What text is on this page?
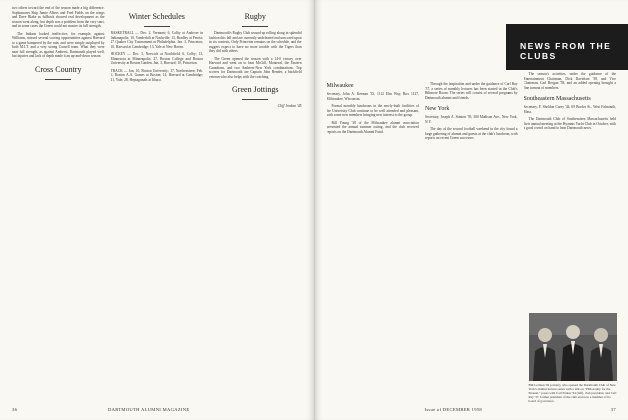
two others toward the end of the season made a big difference. Sophomores Skip Jamie Albers and Fred Fields on the wings and Dave Blake as fullback showed real development as the season went along, but depth was a problem from the very start, and in some cases the Green could not muster its full strength.

The Indians looked ineffective, for example, against Williams, missed several scoring opportunities against Harvard to a game hampered by the rain, and were simply outplayed by both M.I.T. and a very strong Cornell team. What they were near full strength, as against Amherst, Dartmouth played well, but injuries and lack of depth made it an up-and-down season.

Cross Country
Winter Schedules

BASKETBALL — Dec. 2, Vermont; 6, Colby at Andover in Indianapolis; 10, Vanderbilt at Nashville; 13, Bradley at Peoria; 27 Quaker City Tournament at Philadelphia. Jan. 3, Princeton; 10, Harvard at Cambridge; 13, Yale at New Haven.

HOCKEY — Dec. 3, Norwich at Northfield; 6, Colby; 13, Minnesota at Minneapolis; 27, Boston College and Boston University at Boston Garden. Jan. 3, Harvard; 10, Princeton.

TRACK — Jan. 10, Boston University; 17, Northeastern; Feb. 6, Boston A.A. Games at Boston; 14, Harvard at Cambridge; 21, Yale; 28, Heptagonals at Ithaca.

Rugby

Dartmouth's Rugby Club wound up rolling along in splendid fashion this fall and are currently undefeated and unscored upon in six contests. Only Princeton remains on the schedule, and the ruggers expect to have no more trouble with the Tigers than they did with others.

The Green opened the season with a 14-0 victory over Harvard and went on to beat McGill, Montreal, the Eastern Canadians, and two Amherst-New York combinations. Top scorers for Dartmouth are Captain John Bender, a backfield veteran who also helps with the coaching.

Green Jottings
Cliff Jordan '45
36	DARTMOUTH ALUMNI MAGAZINE
NEWS FROM THE CLUBS
Milwaukee

Secretary, John A. Keenan '35, 1112 Elm Way, Box 1127, Milwaukee, Wisconsin.

Formal monthly luncheons in the newly-built facilities of the University Club continue to be well attended and pleasant, with some new members bringing new interest to the group.

Bill Young '38 of the Milwaukee alumni association presented the annual summer outing, and the club received reports on the Dartmouth Alumni Fund.

Through the inspiration and under the guidance of Carl Ray '37, a series of monthly lectures has been started in the Club's Biltmore Room. The series will consist of several programs by Dartmouth alumni and friends.

New York

Secretary, Joseph A. Stinton '39, 300 Madison Ave., New York, N.Y.

The day of the second football weekend in the city found a large gathering of alumni and guests at the club's luncheon, with reports on recent Green successes.

The season's activities, under the guidance of the Entertainment Chairman, Dick Davidson '58, and Vice Chairman, Carl Brogan '58, and an added opening brought a fine turnout of members.

Southeastern Massachusetts

Secretary, F. Sheldon Carey '44, 69 Border St., West Falmouth, Mass.

The Dartmouth Club of Southeastern Massachusetts held their annual meeting at the Hyannis Yacht Club in October, with a good crowd on hand to hear Dartmouth news.

Bill Lerman '04 (center), who opened the Dartmouth Club of New York's alumni lecture series with a talk on "Philosophy for the Present," poses with Carl Parker '34 (left), club president, and Carl Ray '37, former president of the club and now a member of its board of governors.
Issue of DECEMBER 1958	37
